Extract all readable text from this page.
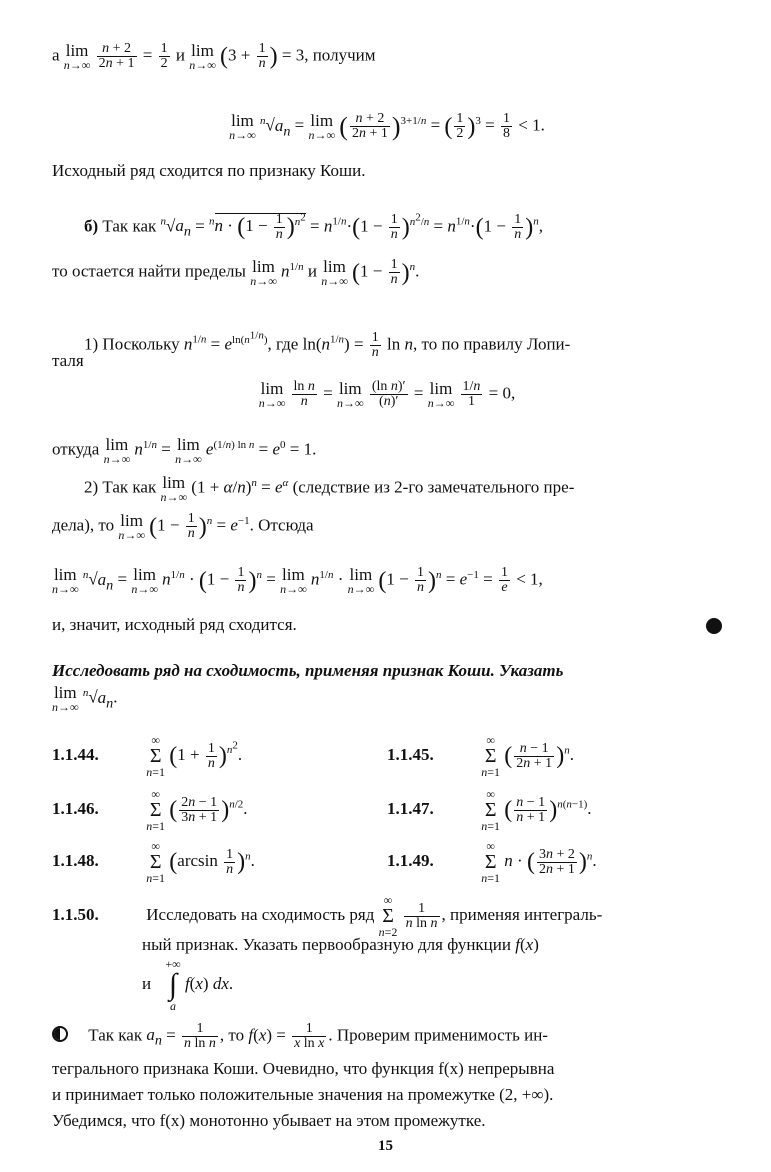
а lim
n→∞
$\frac{n + 2}{2n + 1} = \frac{1}{2}$ и lim
n→∞ ($3 + \frac{1}{n}$ ) = 3, получим
lim
n→∞
$^n√a_n = \lim$
n→∞ ( $\frac{n + 2}{2n + 1} )^{3+1/n}$ = ( $\frac{1}{2} )^3 = \frac{1}{8} < 1$.
Исходный ряд сходится по признаку Коши.
б) Так как $^n√a_n = ^nn \cdot (1 - \frac{1}{n} )^{n^2} = n^{1/n}\cdot(1 - \frac{1}{n} )^{n^2/n} = n^{1/n}\cdot(1 - \frac{1}{n} )^n$,
то остается найти пределы lim
n→∞
$n^{1/n}$ и lim
n→∞ $(1 - \frac{1}{n} )^n$.
1) Поскольку $n^{1/n} = e^{ln(n^{1/n})}$, где $\ln(n^{1/n}) = \frac{1}{n}$ ln n, то по правилу Лопи-
таля
lim
n→∞
$\frac{\text{ln n}}{n} = \lim$
n→∞
$\frac{\text{(ln n)′}}{(n)'} = \lim$
n→∞
$\frac{1/n}{1} = 0$,
откуда lim
n→∞
$n^{1/n} = \lim$
n→∞
$e^{(1/n) ln n} = e^0 = 1$.
2) Так как lim
n→∞
$(1 + \alpha/n)^n = e^\alpha$ (следствие из 2-го замечательного пре-
дела), то lim
n→∞ $(1 - \frac{1}{n} )^n = e^{-1}$. Отсюда
lim
n→∞
$^n√a_n = \lim$
n→∞
$n^{1/n} \cdot (1 - \frac{1}{n} )^n = \lim$
n→∞
$n^{1/n} \cdot \lim$
n→∞ $(1 - \frac{1}{n} )^n = e^{-1} = \frac{1}{e} < 1$,
и, значит, исходный ряд сходится.
Исследовать ряд на сходимость, применяя признак Коши. Указать
lim
n→∞
$^n√a_n$.
1.1.44. ∞
Σ
n=1 $(1 + \frac{1}{n} )^{n^2}$.	1.1.45. ∞
Σ
n=1 ( $\frac{n - 1}{2n + 1} )^n$.
1.1.46. ∞
Σ
n=1 ( $\frac{2n - 1}{3n + 1} )^{n/2}$.	1.1.47. ∞
Σ
n=1 ( $\frac{n - 1}{n + 1} )^{n(n-1)}$.
1.1.48. ∞
Σ
n=1 $(\arcsin \frac{1}{n} )^n$.	1.1.49. ∞
Σ
n=1 n · ( $\frac{3n + 2}{2n + 1} )^n$.
1.1.50.	Исследовать на сходимость ряд ∞
Σ
n=2
$\frac{1}{\text{n ln n}}$ , применяя интеграль-
ный признак. Указать первообразную для функции f(x)
и
+∞
∫
a
f(x) dx.
Так как $a_n = \frac{1}{\text{n ln n}}$ , то $f(x) = \frac{1}{\text{x ln x}}$ . Проверим применимость ин-
тегрального признака Коши. Очевидно, что функция f(x) непрерывна
и принимает только положительные значения на промежутке (2, +∞).
Убедимся, что f(x) монотонно убывает на этом промежутке.
15
